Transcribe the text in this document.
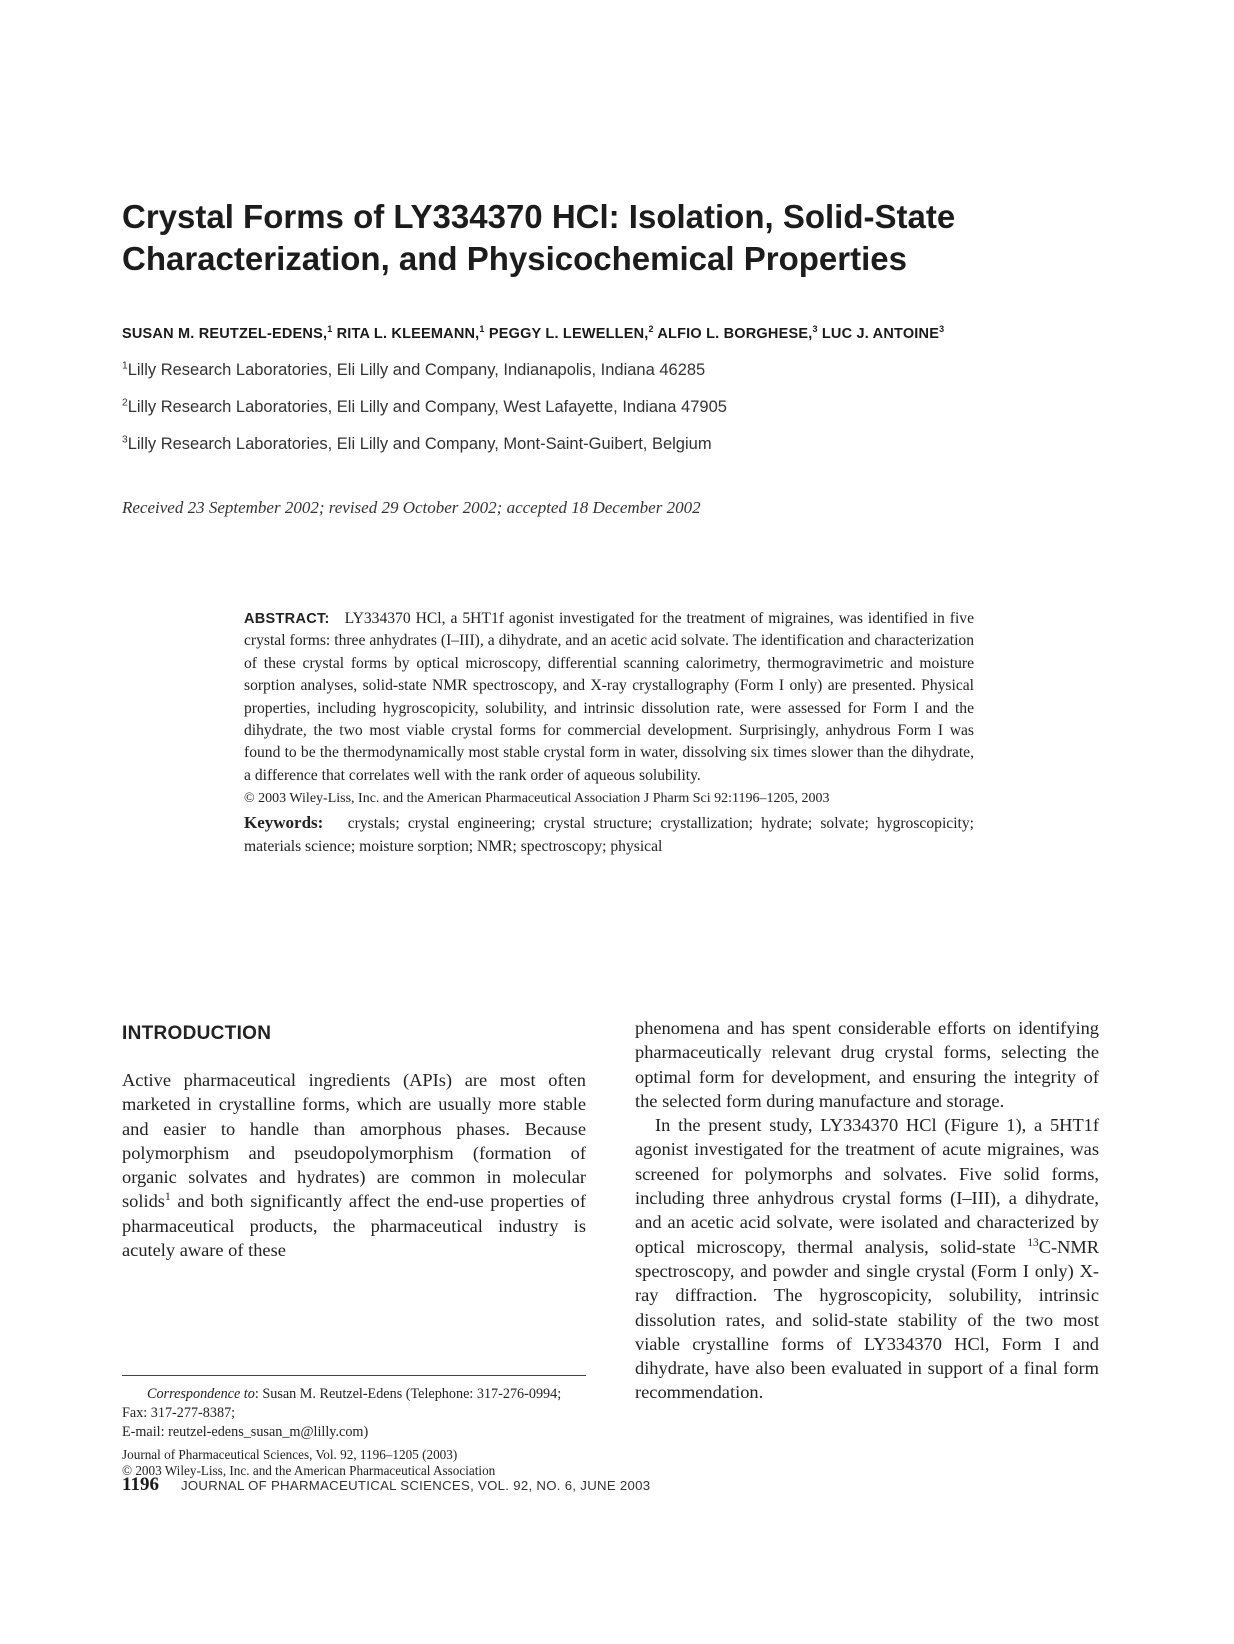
Crystal Forms of LY334370 HCl: Isolation, Solid-State Characterization, and Physicochemical Properties
SUSAN M. REUTZEL-EDENS,$^1$ RITA L. KLEEMANN,$^1$ PEGGY L. LEWELLEN,$^2$ ALFIO L. BORGHESE,$^3$ LUC J. ANTOINE$^3$
$^1$Lilly Research Laboratories, Eli Lilly and Company, Indianapolis, Indiana 46285
$^2$Lilly Research Laboratories, Eli Lilly and Company, West Lafayette, Indiana 47905
$^3$Lilly Research Laboratories, Eli Lilly and Company, Mont-Saint-Guibert, Belgium
Received 23 September 2002; revised 29 October 2002; accepted 18 December 2002

ABSTRACT: LY334370 HCl, a 5HT1f agonist investigated for the treatment of migraines, was identified in five crystal forms: three anhydrates (I–III), a dihydrate, and an acetic acid solvate. The identification and characterization of these crystal forms by optical microscopy, differential scanning calorimetry, thermogravimetric and moisture sorption analyses, solid-state NMR spectroscopy, and X-ray crystallography (Form I only) are presented. Physical properties, including hygroscopicity, solubility, and intrinsic dissolution rate, were assessed for Form I and the dihydrate, the two most viable crystal forms for commercial development. Surprisingly, anhydrous Form I was found to be the thermodynamically most stable crystal form in water, dissolving six times slower than the dihydrate, a difference that correlates well with the rank order of aqueous solubility.

© 2003 Wiley-Liss, Inc. and the American Pharmaceutical Association J Pharm Sci 92:1196–1205, 2003

Keywords: crystals; crystal engineering; crystal structure; crystallization; hydrate; solvate; hygroscopicity; materials science; moisture sorption; NMR; spectroscopy; physical

INTRODUCTION

Active pharmaceutical ingredients (APIs) are most often marketed in crystalline forms, which are usually more stable and easier to handle than amorphous phases. Because polymorphism and pseudopolymorphism (formation of organic solvates and hydrates) are common in molecular solids$^1$ and both significantly affect the end-use properties of pharmaceutical products, the pharmaceutical industry is acutely aware of these

phenomena and has spent considerable efforts on identifying pharmaceutically relevant drug crystal forms, selecting the optimal form for development, and ensuring the integrity of the selected form during manufacture and storage.

In the present study, LY334370 HCl (Figure 1), a 5HT1f agonist investigated for the treatment of acute migraines, was screened for polymorphs and solvates. Five solid forms, including three anhydrous crystal forms (I–III), a dihydrate, and an acetic acid solvate, were isolated and characterized by optical microscopy, thermal analysis, solid-state $^{13}$C-NMR spectroscopy, and powder and single crystal (Form I only) X-ray diffraction. The hygroscopicity, solubility, intrinsic dissolution rates, and solid-state stability of the two most viable crystalline forms of LY334370 HCl, Form I and dihydrate, have also been evaluated in support of a final form recommendation.

Correspondence to: Susan M. Reutzel-Edens (Telephone: 317-276-0994; Fax: 317-277-8387;
E-mail: reutzel-edens_susan_m@lilly.com)
Journal of Pharmaceutical Sciences, Vol. 92, 1196–1205 (2003)
© 2003 Wiley-Liss, Inc. and the American Pharmaceutical Association
1196 JOURNAL OF PHARMACEUTICAL SCIENCES, VOL. 92, NO. 6, JUNE 2003
